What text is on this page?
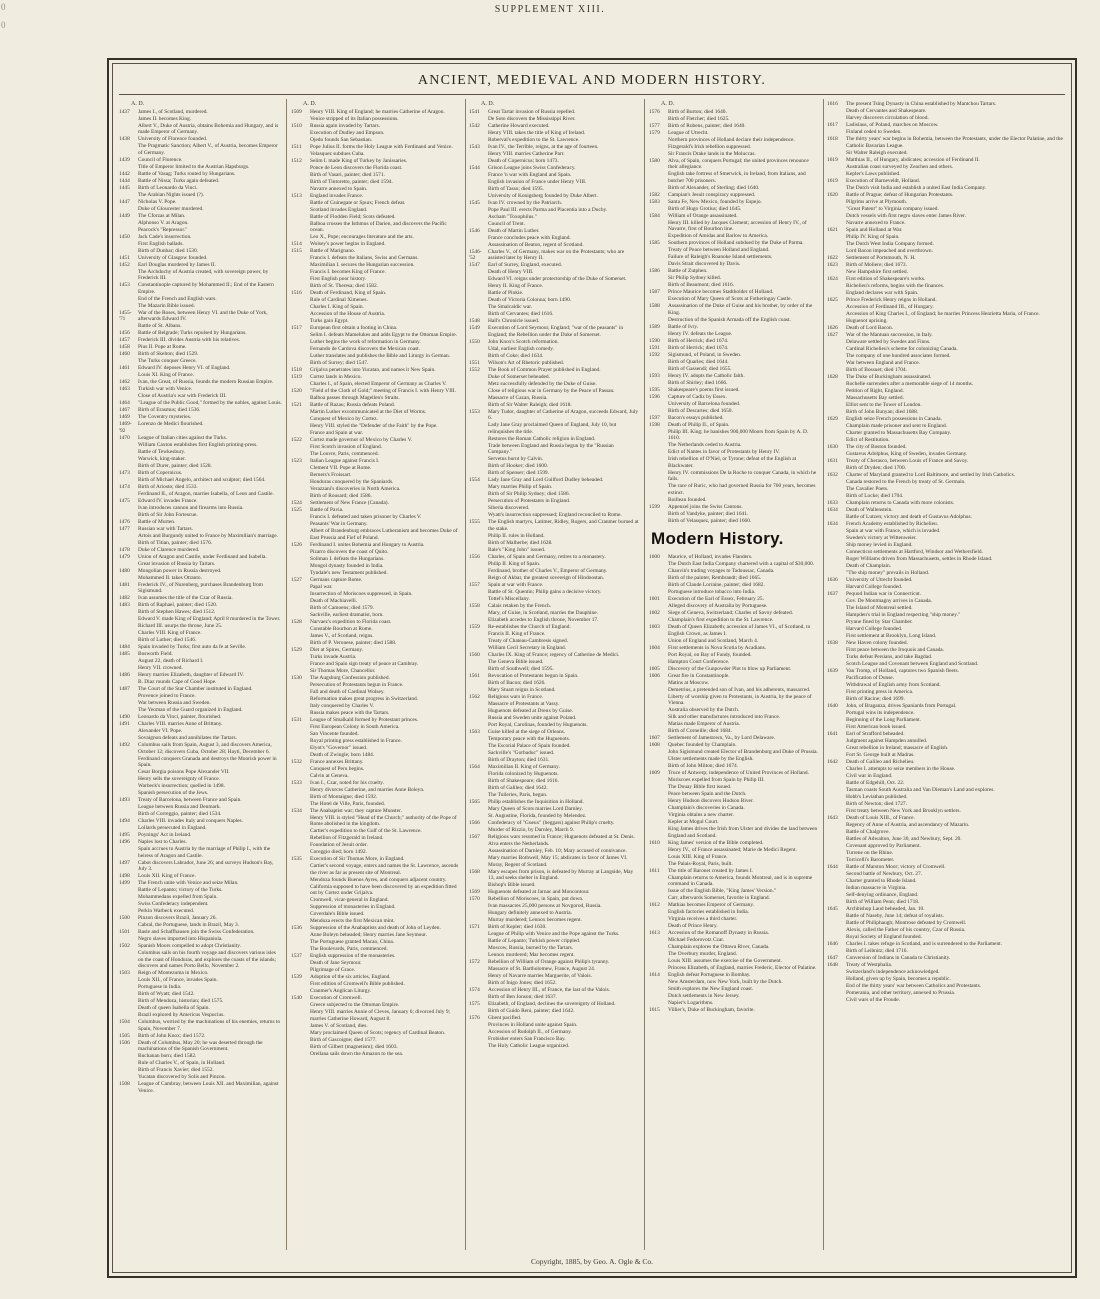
SUPPLEMENT XIII.
0
0
ANCIENT, MEDIEVAL AND MODERN HISTORY.
A. D.
1437	James I., of Scotland, murdered.
James II. becomes King.
Albert V., Duke of Austria, obtains Bohemia and Hungary, and is made Emperor of Germany.
1438	University of Florence founded.
The Pragmatic Sanction; Albert V., of Austria, becomes Emperor of Germany.
1439	Council of Florence.
Title of Emperor limited to the Austrian Hapsburgs.
1442	Battle of Vasag; Turks routed by Hungarians.
1444	Battle of Nissa; Turks again defeated.
1445	Birth of Leonardo da Vinci.
The Arabian Nights issued (?).
1447	Nicholas V. Pope.
Duke of Gloucester murdered.
1449	The Cforzas at Milan.
Alphonso V. at Aragon.
Peacock's "Repressor."
1450	Jack Cade's insurrection.
First English ballads.
Birth of Dunbar; died 1530.
1451	University of Glasgow founded.
1452	Earl Douglas murdered by James II.
The Archduchy of Austria created, with sovereign power, by Frederick III.
1453	Constantinople captured by Mohammed II.; End of the Eastern Empire.
End of the French and English wars.
The Mazarin Bible issued.
1455-'71
War of the Roses, between Henry VI. and the Duke of York, afterwards Edward IV.
Battle of St. Albans.
1456	Battle of Belgrade; Turks repulsed by Hungarians.
1457	Frederick III. divides Austria with his relatives.
1458	Pius II. Pope at Rome.
1460	Birth of Skelton; died 1529.
The Turks conquer Greece.
1461	Edward IV. deposes Henry VI. of England.
Louis XI. King of France.
1462	Ivan, the Great, of Russia, founds the modern Russian Empire.
1463	Turkish war with Venice.
Close of Austria's war with Frederick III.
1464	"League of the Public Good," formed by the nobles, against Louis.
1467	Birth of Erasmus; died 1536.
1469	The Coventry mysteries.
1469-'92
Lorenzo de Medici flourished.
1470	League of Italian cities against the Turks.
William Caxton establishes first English printing-press.
Battle of Tewkesbury.
Warwick, king-maker.
Birth of Durer, painter; died 1528.
1473	Birth of Copernicus.
Birth of Michael Angelo, architect and sculptor; died 1564.
1474	Birth of Ariosto; died 1533.
Ferdinand II., of Aragon, marries Isabella, of Leon and Castile.
1475	Edward IV. invades France.
Ivan introduces cannon and firearms into Russia.
Birth of Sir John Fortescue.
1476	Battle of Murten.
1477	Russian war with Tartars.
Artois and Burgundy united to France by Maximilian's marriage.
Birth of Titian, painter; died 1576.
1478	Duke of Clarence murdered.
1479	Union of Aragon and Castile, under Ferdinand and Isabella.
Great invasion of Russia by Tartars.
1480	Mongolian power in Russia destroyed.
Mohammed II. takes Otranto.
1481	Frederick IV., of Nurenberg, purchases Brandenburg from Sigismund.
1482	Ivan assumes the title of the Czar of Russia.
1483	Birth of Raphael, painter; died 1520.
Birth of Stephen Hawes; died 1512.
Edward V. made King of England; April 8 murdered in the Tower.
Richard III. usurps the throne, June 25.
Charles VIII. King of France.
Birth of Luther; died 1546.
1484	Spain invaded by Turks; first auto da fe at Seville.
1485	Bosworth Field.
August 22, death of Richard I.
Henry VII. crowned.
1486	Henry marries Elizabeth, daughter of Edward IV.
B. Diaz rounds Cape of Good Hope.
1487	The Court of the Star Chamber instituted in England.
Provence joined to France.
War between Russia and Sweden.
The Yeoman of the Guard organized in England.
1490	Leonardo da Vinci, painter, flourished.
1491	Charles VIII. marries Anne of Brittany.
Alexander VI. Pope.
Sovaignon defeats and annihilates the Tartars.
1492	Columbus sails from Spain, August 3, and discovers America, October 12; discovers Cuba, October 28; Hayti, December 6.
Ferdinand conquers Granada and destroys the Moorish power in Spain.
Cesar Borgia poisons Pope Alexander VII.
Henry sells the sovereignty of France.
Warbeck's insurrection; quelled in 1498.
Spanish persecution of the Jews.
1493	Treaty of Barcelona, between France and Spain.
League between Russia and Denmark.
Birth of Correggio, painter; died 1534.
1494	Charles VIII. invades Italy and conquers Naples.
Lollards persecuted in England.
1495	Poynings' Act in Ireland.
1496	Naples lost to Charles.
Spain accrues to Austria by the marriage of Philip I., with the heiress of Aragon and Castile.
1497	Cabot discovers Labrador, June 26; and surveys Hudson's Bay, July 3.
1498	Louis XII. King of France.
1499	The French unite with Venice and seize Milan.
Battle of Lepanto; victory of the Turks.
Mohammedans expelled from Spain.
Swiss Confederacy independent.
Perkin Warbeck executed.
1500	Pinzon discovers Brazil, January 26.
Cabral, the Portuguese, lands in Brazil, May 3.
1501	Basle and Schaffhausen join the Swiss Confederation.
Negro slaves imported into Hispaniola.
1502	Spanish Moors compelled to adopt Christianity.
Columbus sails on his fourth voyage and discovers various isles on the coast of Honduras, and explores the coasts of the islands; discovers and names Porto Bello, November 2.
1503	Reign of Montezuma in Mexico.
Louis XII., of France, invades Spain.
Portuguese in India.
Birth of Wyatt; died 1542.
Birth of Mendoza, historian; died 1575.
Death of queen Isabella of Spain.
Brazil explored by Americus Vespucius.
1504	Columbus, worried by the machinations of his enemies, returns to Spain, November 7.
1505	Birth of John Knox; died 1572.
1506	Death of Columbus, May 20; he was deserted through the machinations of the Spanish Government.
Buchanan born; died 1582.
Rule of Charles V., of Spain, in Holland.
Birth of Francis Xavier; died 1552.
Yucatan discovered by Solis and Pinzon.
1508	League of Cambray, between Louis XII. and Maximilian, against Venice.
A. D.
1509	Henry VIII. King of England; he marries Catherine of Aragon.
Venice stripped of its Italian possessions.
1510	Russia again invaded by Tartars.
Execution of Dudley and Empson.
Ojedo founds San Sebastian.
1511	Pope Julius II. forms the Holy League with Ferdinand and Venice.
Velasquez subdues Cuba.
1512	Selim I. made King of Turkey by Janissaries.
Ponce de Leon discovers the Florida coast.
Birth of Vasari, painter; died 1571.
Birth of Tintoretto, painter; died 1594.
Navarre annexed to Spain.
1513	England invades France.
Battle of Guinegate or Spurs; French defeat.
Scotland invades England.
Battle of Flodden Field; Scots defeated.
Balboa crosses the Isthmus of Darien, and discovers the Pacific ocean.
Leo X., Pope; encourages literature and the arts.
1514	Wolsey's power begins in England.
1515	Battle of Marignano.
Francis I. defeats the Italians, Swiss and Germans.
Maximilian I. secures the Hungarian succession.
Francis I. becomes King of France.
First English poor history.
Birth of St. Theresa; died 1582.
1516	Death of Ferdinand, King of Spain.
Rule of Cardinal Ximenes.
Charles I. King of Spain.
Accession of the House of Austria.
Turks gain Egypt.
1517	European first obtain a footing in China.
Selim I. defeats Mamelukes and adds Egypt to the Ottoman Empire.
Luther begins the work of reformation in Germany.
Fernando de Cardova discovers the Mexican coast.
Luther translates and publishes the Bible and Liturgy in German.
Birth of Surrey; died 1547.
1518	Grijalva penetrates into Yucatan, and names it New Spain.
1519	Cortez lands in Mexico.
Charles I., of Spain, elected Emperor of Germany as Charles V.
1520	"Field of the Cloth of Gold;" meeting of Francis I. with Henry VIII.
Balboa passes through Magellen's Straits.
1521	Battle of Razau; Russia defeats Poland.
Martin Luther excommunicated at the Diet of Worms.
Conquest of Mexico by Cortez.
Henry VIII. styled the "Defender of the Faith" by the Pope.
France and Spain at war.
1522	Cortez made governor of Mexico by Charles V.
First Scotch invasion of England.
The Louvre, Paris, commenced.
1523	Italian League against Francis I.
Clement VII. Pope at Rome.
Berners's Froissart.
Honduras conquered by the Spaniards.
Verazzani's discoveries in North America.
Birth of Rousard; died 1586.
1524	Settlement of New France (Canada).
1525	Battle of Pavia.
Francis I. defeated and taken prisoner by Charles V.
Peasants' War in Germany.
Albert of Brandenburg embraces Lutheranism and becomes Duke of East Prussia and Fief of Poland.
1526	Ferdinand I. unites Bohemia and Hungary to Austria.
Pizarro discovers the coast of Quito.
Soliman I. defeats the Hungarians.
Mongol dynasty founded in India.
Tyndale's new Testament published.
1527	Germans capture Rome.
Papal war.
Insurrection of Moriscoes suppressed, in Spain.
Death of Machiavelli.
Birth of Camoens; died 1579.
Sackville, earliest dramatist, born.
1528	Narvaez's expedition to Florida coast.
Constable Bourbon at Rome.
James V., of Scotland, reigns.
Birth of P. Veronese, painter; died 1588.
1529	Diet at Spires, Germany.
Turks invade Austria.
France and Spain sign treaty of peace at Cambray.
Sir Thomas More, Chancellor.
1530	The Augsburg Confession published.
Persecution of Protestants begun in France.
Fall and death of Cardinal Wolsey.
Reformation makes great progress in Switzerland.
Italy conquered by Charles V.
Russia makes peace with the Tartars.
1531	League of Smalkald formed by Protestant princes.
First European Colony in South America.
San Vincente founded.
Royal printing press established in France.
Elyot's "Governor" issued.
Death of Zwingle; born 1484.
1532	France annexes Brittany.
Conquest of Peru begins.
Calvin at Geneva.
1533	Ivan I., Czar, noted for his cruelty.
Henry divorces Catherine, and marries Anne Boleyn.
Birth of Montaigne; died 1592.
The Hotel de Ville, Paris, founded.
1534	The Anabaptist war; they capture Munster.
Henry VIII. is styled "Head of the Church;" authority of the Pope of Rome abolished in the kingdom.
Cartier's expedition to the Gulf of the St. Lawrence.
Rebellion of Fitzgerald in Ireland.
Foundation of Jesuit order.
Coreggio died; born 1492.
1535	Execution of Sir Thomas More, in England.
Cartier's second voyage, enters and names the St. Lawrence, ascends the river as far as present site of Montreal.
Mendoza founds Buenos Ayres, and conquers adjacent country.
California supposed to have been discovered by an expedition fitted out by Cortez under Grijalva.
Cromwell, vicar-general in England.
Suppression of monasteries in England.
Coverdale's Bible issued.
Mendoza erects the first Mexican mint.
1536	Suppression of the Anabaptists and death of John of Leyden.
Anne Boleyn beheaded; Henry marries Jane Seymour.
The Portuguese granted Macao, China.
The Boulevards, Paris, commenced.
1537	English suppression of the monasteries.
Death of Jane Seymour.
Pilgrimage of Grace.
1539	Adoption of the six articles, England.
First edition of Cromwell's Bible published.
Cranmer's Anglican Liturgy.
1540	Execution of Cromwell.
Greece subjected to the Ottoman Empire.
Henry VIII. marries Annie of Cleves, January 6; divorced July 9; marries Catherine Howard, August 8.
James V. of Scotland, dies.
Mary proclaimed Queen of Scots; regency of Cardinal Beaton.
Birth of Gascoigne; died 1577.
Birth of Gilbert (magnetism); died 1603.
Orellana sails down the Amazon to the sea.
A. D.
1541	Great Tartar invasion of Russia repelled.
De Soto discovers the Mississippi River.
1542	Catherine Howard executed.
Henry VIII. takes the title of King of Ireland.
Roberval's expedition to the St. Lawrence.
1543	Ivan IV., the Terrible, reigns, at the age of fourteen.
Henry VIII. marries Catherine Parr.
Death of Copernicus; born 1473.
1544	Grison League joins Swiss Confederacy.
France 'n war with England and Spain.
English invasion of France under Henry VIII.
Birth of Tasso; died 1595.
University of Konigsberg founded by Duke Albert.
1545	Ivan IV. crowned by the Patriarch.
Pope Paul III. erects Parma and Placentia into a Duchy.
Ascham "Toxophilus."
Council of Trent.
1546	Death of Martin Luther.
France concludes peace with England.
Assassination of Beaton, regent of Scotland.
1546-'52
Charles V., of Germany, makes war on the Protestants; who are assisted later by Henry II.
1547	Earl of Surrey, England, executed.
Death of Henry VIII.
Edward VI. reigns under protectorship of the Duke of Somerset.
Henry II. King of France.
Battle of Pinkie.
Death of Victoria Colonna; born 1490.
The Smalcaldic war.
Birth of Cervantes; died 1616.
1548	Hall's Chronicle issued.
1549	Execution of Lord Seymour, England; "war of the peasants" in England; the Rebellion under the Duke of Somerset.
1550	John Knox's Scotch reformation.
Udal, earliest English comedy.
Birth of Coke; died 1634.
1551	Wilson's Art of Rhetoric published.
1552	The Book of Common Prayer published in England.
Duke of Somerset beheaded.
Metz successfully defended by the Duke of Guise.
Close of religious war in Germany by the Peace of Passau.
Massacre of Cazan, Russia.
Birth of Sir Walter Raleigh; died 1618.
1553	Mary Tudor, daughter of Catherine of Aragon, succeeds Edward, July 6.
Lady Jane Gray proclaimed Queen of England, July 10, but relinquishes the title.
Restores the Roman Catholic religion in England.
Trade between England and Russia begun by the "Russian Company."
Servetus burnt by Calvin.
Birth of Hooker; died 1600.
Birth of Spenser; died 1599.
1554	Lady Jane Gray and Lord Guilford Dudley beheaded.
Mary marries Philip of Spain.
Birth of Sir Philip Sydney; died 1586.
Persecution of Protestants in England.
Siberia discovered.
Wyatt's insurrection suppressed; England reconciled to Rome.
1555	The English martyrs, Latimer, Ridley, Rogers, and Cranmer burned at the stake.
Philip II. rules in Holland.
Birth of Malherbe; died 1628.
Bale's "King John" issued.
1556	Charles, of Spain and Germany, retires to a monastery.
Philip II. King of Spain.
Ferdinand, brother of Charles V., Emperor of Germany.
Reign of Akbar, the greatest sovereign of Hindoostan.
1557	Spain at war with France.
Battle of St. Quentin; Philip gains a decisive victory.
Tottel's Miscellany.
1558	Calais retaken by the French.
Mary, of Guise, in Scotland, marries the Dauphine.
Elizabeth accedes to English throne, November 17.
1559	Re-establishes the Church of England.
Francis II. King of France.
Treaty of Chateau-Cambresis signed.
William Cecil Secretary in England.
1560	Charles IX. King of France; regency of Catherine de Medici.
The Geneva Bible issued.
Birth of Southwell; died 1595.
1561	Revocation of Protestants begun in Spain.
Birth of Bacon; died 1626.
Mary Stuart reigns in Scotland.
1562	Religious wars in France.
Massacre of Protestants at Vassy.
Huguenots defeated at Dreux by Guise.
Russia and Sweden unite against Poland.
Port Royal, Carolinas, founded by Huguenots.
1563	Guise killed at the siege of Orleans.
Temporary peace with the Huguenots.
The Escorial Palace of Spain founded.
Sackville's "Gorbaduc" issued.
Birth of Drayton; died 1631.
1564	Maximilian II. King of Germany.
Florida colonized by Huguenots.
Birth of Shakespeare; died 1616.
Birth of Galileo; died 1642.
The Tuileries, Paris, begun.
1565	Philip establishes the Inquisition in Holland.
Mary Queen of Scots marries Lord Darnley.
St. Augustine, Florida, founded by Melendez.
1566	Confederacy of "Gueux" (beggars) against Philip's cruelty.
Murder of Rizzio, by Darnley, March 9.
1567	Religious wars resumed in France; Huguenots defeated at St. Denis.
Alva enters the Netherlands.
Assassination of Darnley, Feb. 10; Mary accused of connivance.
Mary marries Bothwell, May 15; abdicates in favor of James VI.
Moray, Regent of Scotland.
1568	Mary escapes from prison, is defeated by Murray at Langside, May 13, and seeks shelter in England.
Bishop's Bible issued.
1569	Huguenots defeated at Jarnac and Moncontour.
1570	Rebellion of Moriscoes, in Spain, put down.
Ivan massacres 25,000 persons at Novgorod, Russia.
Hungary definitely annexed to Austria.
Murray murdered; Lennox becomes regent.
1571	Birth of Kepler; died 1630.
League of Philip with Venice and the Pope against the Turks.
Battle of Lepanto; Turkish power crippled.
Moscow, Russia, burned by the Tartars.
Lennox murdered; Mar becomes regent.
1572	Rebellion of William of Orange against Philip's tyranny.
Massacre of St. Bartholomew, France, August 24.
Henry of Navarre marries Marguerite, of Valois.
Birth of Inigo Jones; died 1652.
1574	Accession of Henry III., of France, the last of the Valois.
Birth of Ben Jonson; died 1637.
1575	Elizabeth, of England, declines the sovereignty of Holland.
Birth of Guido Reni, painter; died 1642.
1576	Ghent pacified.
Provinces in Holland unite against Spain.
Accession of Rudolph II., of Germany.
Frobisher enters San Francisco Bay.
The Holy Catholic League organized.
A. D.
1576	Birth of Burton; died 1640.
Birth of Fletcher; died 1625.
1577	Birth of Rubens, painter; died 1640.
1579	League of Utrecht.
Northern provinces of Holland declare their independence.
Fitzgerald's Irish rebellion suppressed.
Sir Francis Drake lands in the Moluccas.
1580	Alva, of Spain, conquers Portugal; the united provinces renounce their allegiance.
English take fortress of Smerwick, in Ireland, from Italians, and butcher 700 prisoners.
Birth of Alexander, of Sterling; died 1640.
1582	Campian's Jesuit conspiracy suppressed.
1583	Santa Fe, New Mexico, founded by Espejo.
Birth of Hugo Grotius; died 1645.
1584	William of Orange assassinated.
Henry III. killed by Jacques Clement; accession of Henry IV., of Navarre, first of Bourbon line.
Expedition of Amidas and Barlow to America.
1585	Southern provinces of Holland subdued by the Duke of Parma.
Treaty of Peace between Holland and England.
Failure of Raleigh's Roanoke Island settlements.
Davis Strait discovered by Davis.
1586	Battle of Zutphen.
Sir Philip Sydney killed.
Birth of Beaumont; died 1616.
1587	Prince Maurice becomes Stadtholder of Holland.
Execution of Mary Queen of Scots at Fotheringay Castle.
1588	Assassination of the Duke of Guise and his brother, by order of the King.
Destruction of the Spanish Armada off the English coast.
1589	Battle of Ivry.
Henry IV. defeats the League.
1590	Birth of Herrick; died 1674.
1591	Birth of Herrick; died 1674.
1592	Sigismund, of Poland, in Sweden.
Birth of Quarles; died 1644.
Birth of Gassendi; died 1655.
1593	Henry IV. adopts the Catholic faith.
Birth of Shirley; died 1666.
1595	Shakespeare's poems first issued.
1596	Capture of Cadiz by Essex.
University of Barcelona founded.
Birth of Descartes; died 1650.
1597	Bacon's essays published.
1598	Death of Philip II., of Spain.
Philip III. King; he banishes 900,000 Moors from Spain by A. D. 1610.
The Netherlands ceded to Austria.
Edict of Nantes in favor of Protestants by Henry IV.
Irish rebellion of O'Niel, or Tyrone; defeat of the English at Blackwater.
Henry IV. commissions De la Roche to conquer Canada, in which he fails.
The race of Ruric, who had governed Russia for 700 years, becomes extinct.
Boilleau founded.
1599	Appenzel joins the Swiss Cantons.
Birth of Vandyke, painter; died 1641.
Birth of Velasquez, painter; died 1660.
Modern History.
1600	Maurice, of Holland, invades Flanders.
The Dutch East India Company chartered with a capital of $30,000.
Chauvin's trading voyages to Tadoussac, Canada.
Birth of the painter, Rembrandt; died 1665.
Birth of Claude Lorraine, painter; died 1682.
Portuguese introduce tobacco into India.
1601	Execution of the Earl of Essex, February 25.
Alleged discovery of Australia by Portuguese.
1602	Siege of Geneva, Switzerland; Charles of Savoy defeated.
Champlain's first expedition to the St. Lawrence.
1603	Death of Queen Elizabeth; accession of James VI., of Scotland, to English Crown, as James I.
Union of England and Scotland, March 4.
1604	First settlements in Nova Scotia by Acadians.
Port Royal, on Bay of Fundy, founded.
Hampton Court Conference.
1605	Discovery of the Gunpowder Plot to blow up Parliament.
1606	Great fire in Constantinople.
Matins at Moscow.
Demetrius, a pretended son of Ivan, and his adherents, massacred.
Liberty of worship given to Protestants, in Austria, by the peace of Vienna.
Australia observed by the Dutch.
Silk and other manufactures introduced into France.
Matias made Emperor of Austria.
Birth of Corneille; died 1684.
1607	Settlement of Jamestown, Va., by Lord Delaware.
1608	Quebec founded by Champlain.
John Sigismund created Elector of Brandenburg and Duke of Prussia.
Ulster settlements made by the English.
Birth of John Milton; died 1674.
1609	Truce of Antwerp; independence of United Provinces of Holland.
Moriscoes expelled from Spain by Philip III.
The Douay Bible first issued.
Peace between Spain and the Dutch.
Henry Hudson discovers Hudson River.
Champlain's discoveries in Canada.
Virginia obtains a new charter.
Kepler at Mogul Court.
King James drives the Irish from Ulster and divides the land between England and Scotland.
1610	King James' version of the Bible completed.
Henry IV., of France assassinated; Marie de Medici Regent.
Louis XIII. King of France.
The Palais-Royal, Paris, built.
1611	The title of Baronet created by James I.
Champlain returns to America, founds Montreal, and is in supreme command in Canada.
Issue of the English Bible, "King James' Version."
Carr, afterwards Somerset, favorite in England.
1612	Mathias becomes Emperor of Germany.
English factories established in India.
Virginia receives a third charter.
Death of Prince Henry.
1613	Accession of the Romanoff Dynasty in Russia.
Michael Fedorovotz Czar.
Champlain explores the Ottawa River, Canada.
The Overbury murder, England.
Louis XIII. assumes the exercise of the Government.
Princess Elizabeth, of England, marries Frederic, Elector of Palatine.
1614	English defeat Portuguese in Bombay.
New Amsterdam, now New York, built by the Dutch.
Smith explores the New England coast.
Dutch settlements in New Jersey.
Napier's Logarithms.
1615	Villier's, Duke of Buckingham, favorite.
1616	The present Tsing Dynasty in China established by Mantchou Tartars.
Death of Cervantes and Shakespeare.
Harvey discovers circulation of blood.
1617	Ladislaus, of Poland, marches on Moscow.
Finland ceded to Sweden.
1618	The thirty years' war begins in Bohemia, between the Protestants, under the Elector Palatine, and the Catholic Bavarian League.
Sir Walter Raleigh executed.
1619	Matthias II., of Hungary, abdicates; accession of Ferdinand II.
Australian coast surveyed by Zeachen and others.
Kepler's Laws published.
1619	Execution of Barneveldt, Holland.
The Dutch visit India and establish a united East India Company.
1620	Battle of Prague; defeat of Hungarian Protestants.
Pilgrims arrive at Plymouth.
"Great Patent" to Virginia company issued.
Dutch vessels with first negro slaves enter James River.
Navarre annexed to France.
1621	Spain and Holland at War.
Philip IV. King of Spain.
The Dutch West India Company formed.
Lord Bacon impeached and overthrown.
1622	Settlement of Portsmouth, N. H.
1623	Birth of Moliere; died 1673.
New Hampshire first settled.
1624	First edition of Shakespeare's works.
Richelieu's reforms, begins with the finances.
England declares war with Spain.
1625	Prince Frederick Henry reigns in Holland.
Accession of Ferdinand III., of Hungary.
Accession of King Charles I., of England; he marries Princess Henrietta Maria, of France.
Huguenot uprising.
1626	Death of Lord Bacon.
1627	War of the Mantuan succession, in Italy.
Delaware settled by Swedes and Finns.
Cardinal Richelieu's scheme for colonizing Canada.
The company of one hundred associates formed.
War between England and France.
Birth of Bossuet; died 1704.
1628	The Duke of Buckingham assassinated.
Rochelle surrenders after a memorable siege of 14 months.
Petition of Right, England.
Massachusetts Bay settled.
Elliot sent to the Tower of London.
Birth of John Bunyan; died 1688.
1629	English seize French possessions in Canada.
Champlain made prisoner and sent to England.
Charter granted to Massachusetts Bay Company.
Edict of Restitution.
1630	The city of Boston founded.
Gustavus Adolphus, King of Sweden, invades Germany.
1631	Treaty of Cherasco, between Louis of France and Savoy.
Birth of Dryden; died 1700.
1632	Charter of Maryland granted to Lord Baltimore, and settled by Irish Catholics.
Canada restored to the French by treaty of St. Germain.
The Cavalier Poets.
Birth of Locke; died 1704.
1633	Champlain returns to Canada with more colonists.
1634	Death of Wallenstein.
Battle of Lutzen; victory and death of Gustavus Adolphus.
1634	French Academy established by Richelieu.
Spain at war with France, which is invaded.
Sweden's victory at Wittenweier.
Ship money levied in England.
Connecticut settlements at Hartford, Windsor and Wethersfield.
Roger Williams driven from Massachusetts, settles in Rhode Island.
Death of Champlain.
"The ship money" prevails in Holland.
1636	University of Utrecht founded.
Harvard College founded.
1637	Pequod Indian war in Connecticut.
Gov. De Montmagny arrives in Canada.
The Island of Montreal settled.
Hampden's trial in England respecting "ship money."
Prynne fined by Star Chamber.
Harvard College founded.
First settlement at Brooklyn, Long Island.
1638	New Haven colony founded.
First peace between the Iroquois and Canada.
Turks defeat Persians, and take Bagdad.
Scotch League and Covenant between England and Scotland.
1639	Van Tromp, of Holland, captures two Spanish fleets.
Pacification of Dunse.
Withdrawal of English army from Scotland.
First printing press in America.
Birth of Racine; died 1699.
1640	John, of Braganza, drives Spaniards from Portugal.
Portugal wins its independence.
Beginning of the Long Parliament.
First American book issued.
1641	Earl of Strafford beheaded.
Judgment against Hampden annulled.
Great rebellion in Ireland; massacre of English.
Fort St. George built at Madras.
1642	Death of Galileo and Richelieu.
Charles I. attempts to seize members in the House.
Civil war in England.
Battle of Edgehill, Oct. 22.
Tasman coasts South Australia and Van Dieman's Land and explores.
Hobb's Leviathan published.
Birth of Newton; died 1727.
First treaty between New York and Brooklyn settlers.
1643	Death of Louis XIII., of France.
Regency of Anne of Austria, and ascendancy of Mazarin.
Battle of Chalgrove.
Battles of Adwalton, June 30, and Newbury, Sept. 20.
Covenant approved by Parliament.
Turrene on the Rhine.
Torricelli's Barometer.
1644	Battle of Marston Moor; victory of Cromwell.
Second battle of Newbury, Oct. 27.
Charter granted to Rhode Island.
Indian massacre in Virginia.
Self-denying ordinance, England.
Birth of William Penn; died 1718.
1645	Archbishop Laud beheaded, Jan. 10.
Battle of Naseby, June 14; defeat of royalists.
Battle of Philiphaugh; Montrose defeated by Cromwell.
Alexis, called the Father of his country, Czar of Russia.
Royal Society of England founded.
1646	Charles I. takes refuge in Scotland, and is surrendered to the Parliament.
Birth of Leibnitz; died 1716.
1647	Conversion of Indians in Canada to Christianity.
1648	Treaty of Westphalia.
Switzerland's independence acknowledged.
Holland, given up by Spain, becomes a republic.
End of the thirty years' war between Catholics and Protestants.
Pomerania, and other territory, annexed to Prussia.
Civil wars of the Froude.
Copyright, 1885, by Geo. A. Ogle & Co.
